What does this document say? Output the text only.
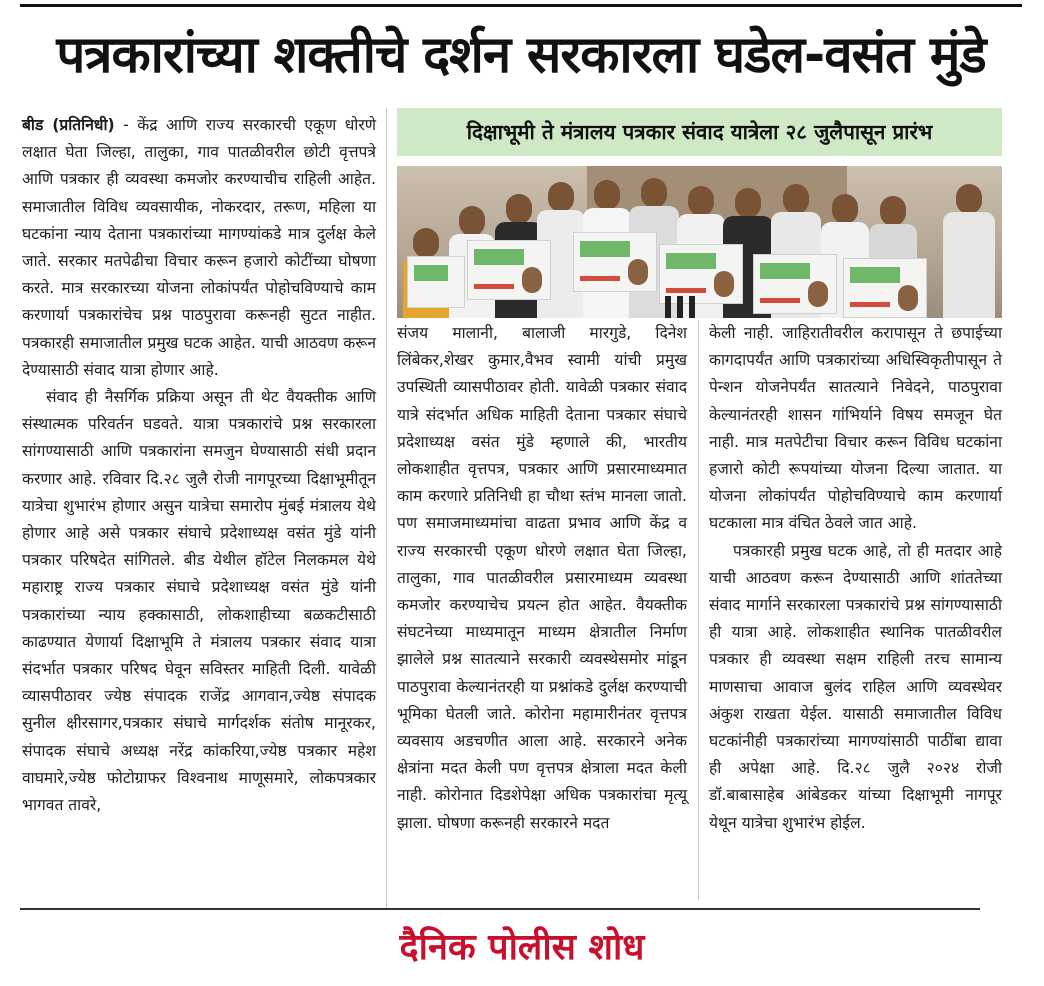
पत्रकारांच्या शक्तीचे दर्शन सरकारला घडेल-वसंत मुंडे

बीड (प्रतिनिधी) - केंद्र आणि राज्य सरकारची एकूण धोरणे लक्षात घेता जिल्हा, तालुका, गाव पातळीवरील छोटी वृत्तपत्रे आणि पत्रकार ही व्यवस्था कमजोर करण्याचीच राहिली आहेत. समाजातील विविध व्यवसायीक, नोकरदार, तरूण, महिला या घटकांना न्याय देताना पत्रकारांच्या मागण्यांकडे मात्र दुर्लक्ष केले जाते. सरकार मतपेढीचा विचार करून हजारो कोटींच्या घोषणा करते. मात्र सरकारच्या योजना लोकांपर्यंत पोहोचविण्याचे काम करणार्या पत्रकारांचेच प्रश्न पाठपुरावा करूनही सुटत नाहीत. पत्रकारही समाजातील प्रमुख घटक आहेत. याची आठवण करून देण्यासाठी संवाद यात्रा होणार आहे.

संवाद ही नैसर्गिक प्रक्रिया असून ती थेट वैयक्तीक आणि संस्थात्मक परिवर्तन घडवते. यात्रा पत्रकारांचे प्रश्न सरकारला सांगण्यासाठी आणि पत्रकारांना समजुन घेण्यासाठी संधी प्रदान करणार आहे. रविवार दि.२८ जुलै रोजी नागपूरच्या दिक्षाभूमीतून यात्रेचा शुभारंभ होणार असुन यात्रेचा समारोप मुंबई मंत्रालय येथे होणार आहे असे पत्रकार संघाचे प्रदेशाध्यक्ष वसंत मुंडे यांनी पत्रकार परिषदेत सांगितले. बीड येथील हॉटेल निलकमल येथे महाराष्ट्र राज्य पत्रकार संघाचे प्रदेशाध्यक्ष वसंत मुंडे यांनी पत्रकारांच्या न्याय हक्कासाठी, लोकशाहीच्या बळकटीसाठी काढण्यात येणार्या दिक्षाभूमि ते मंत्रालय पत्रकार संवाद यात्रा संदर्भात पत्रकार परिषद घेवून सविस्तर माहिती दिली. यावेळी व्यासपीठावर ज्येष्ठ संपादक राजेंद्र आगवान,ज्येष्ठ संपादक सुनील क्षीरसागर,पत्रकार संघाचे मार्गदर्शक संतोष मानूरकर, संपादक संघाचे अध्यक्ष नरेंद्र कांकरिया,ज्येष्ठ पत्रकार महेश वाघमारे,ज्येष्ठ फोटोग्राफर विश्वनाथ माणूसमारे, लोकपत्रकार भागवत तावरे,

दिक्षाभूमी ते मंत्रालय पत्रकार संवाद यात्रेला २८ जुलैपासून प्रारंभ

संजय मालानी, बालाजी मारगुडे, दिनेश लिंबेकर,शेखर कुमार,वैभव स्वामी यांची प्रमुख उपस्थिती व्यासपीठावर होती. यावेळी पत्रकार संवाद यात्रे संदर्भात अधिक माहिती देताना पत्रकार संघाचे प्रदेशाध्यक्ष वसंत मुंडे म्हणाले की, भारतीय लोकशाहीत वृत्तपत्र, पत्रकार आणि प्रसारमाध्यमात काम करणारे प्रतिनिधी हा चौथा स्तंभ मानला जातो. पण समाजमाध्यमांचा वाढता प्रभाव आणि केंद्र व राज्य सरकारची एकूण धोरणे लक्षात घेता जिल्हा, तालुका, गाव पातळीवरील प्रसारमाध्यम व्यवस्था कमजोर करण्याचेच प्रयत्न होत आहेत. वैयक्तीक संघटनेच्या माध्यमातून माध्यम क्षेत्रातील निर्माण झालेले प्रश्न सातत्याने सरकारी व्यवस्थेसमोर मांडून पाठपुरावा केल्यानंतरही या प्रश्नांकडे दुर्लक्ष करण्याची भूमिका घेतली जाते. कोरोना महामारीनंतर वृत्तपत्र व्यवसाय अडचणीत आला आहे. सरकारने अनेक क्षेत्रांना मदत केली पण वृत्तपत्र क्षेत्राला मदत केली नाही. कोरोनात दिडशेपेक्षा अधिक पत्रकारांचा मृत्यू झाला. घोषणा करूनही सरकारने मदत

केली नाही. जाहिरातीवरील करापासून ते छपाईच्या कागदापर्यंत आणि पत्रकारांच्या अधिस्विकृतीपासून ते पेन्शन योजनेपर्यंत सातत्याने निवेदने, पाठपुरावा केल्यानंतरही शासन गांभिर्याने विषय समजून घेत नाही. मात्र मतपेटीचा विचार करून विविध घटकांना हजारो कोटी रूपयांच्या योजना दिल्या जातात. या योजना लोकांपर्यंत पोहोचविण्याचे काम करणार्या घटकाला मात्र वंचित ठेवले जात आहे.

पत्रकारही प्रमुख घटक आहे, तो ही मतदार आहे याची आठवण करून देण्यासाठी आणि शांततेच्या संवाद मार्गाने सरकारला पत्रकारांचे प्रश्न सांगण्यासाठी ही यात्रा आहे. लोकशाहीत स्थानिक पातळीवरील पत्रकार ही व्यवस्था सक्षम राहिली तरच सामान्य माणसाचा आवाज बुलंद राहिल आणि व्यवस्थेवर अंकुश राखता येईल. यासाठी समाजातील विविध घटकांनीही पत्रकारांच्या मागण्यांसाठी पाठींबा द्यावा ही अपेक्षा आहे. दि.२८ जुलै २०२४ रोजी डॉ.बाबासाहेब आंबेडकर यांच्या दिक्षाभूमी नागपूर येथून यात्रेचा शुभारंभ होईल.

दैनिक पोलीस शोध
